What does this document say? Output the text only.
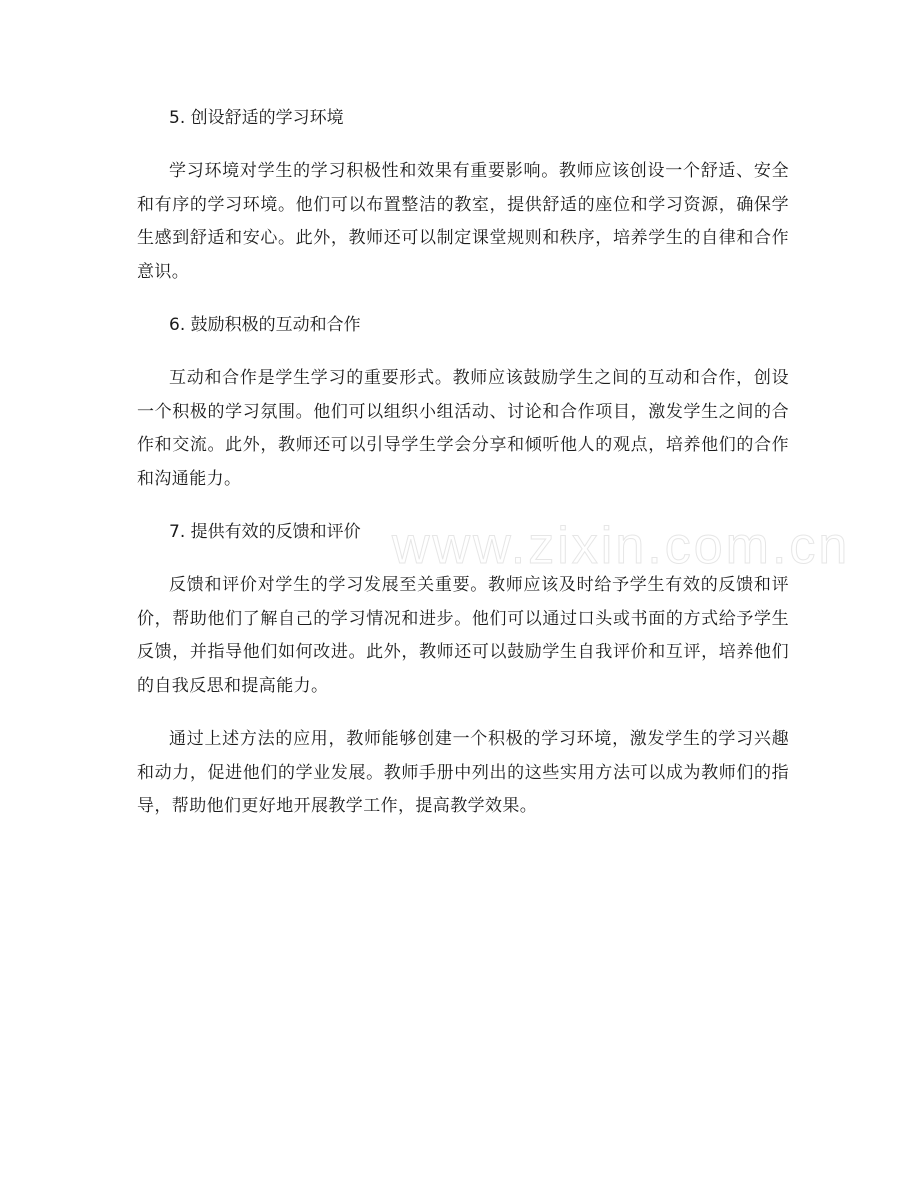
www.zixin.com.cn
5. 创设舒适的学习环境

学习环境对学生的学习积极性和效果有重要影响。教师应该创设一个舒适、安全和有序的学习环境。他们可以布置整洁的教室，提供舒适的座位和学习资源，确保学生感到舒适和安心。此外，教师还可以制定课堂规则和秩序，培养学生的自律和合作意识。

6. 鼓励积极的互动和合作

互动和合作是学生学习的重要形式。教师应该鼓励学生之间的互动和合作，创设一个积极的学习氛围。他们可以组织小组活动、讨论和合作项目，激发学生之间的合作和交流。此外，教师还可以引导学生学会分享和倾听他人的观点，培养他们的合作和沟通能力。

7. 提供有效的反馈和评价

反馈和评价对学生的学习发展至关重要。教师应该及时给予学生有效的反馈和评价，帮助他们了解自己的学习情况和进步。他们可以通过口头或书面的方式给予学生反馈，并指导他们如何改进。此外，教师还可以鼓励学生自我评价和互评，培养他们的自我反思和提高能力。

通过上述方法的应用，教师能够创建一个积极的学习环境，激发学生的学习兴趣和动力，促进他们的学业发展。教师手册中列出的这些实用方法可以成为教师们的指导，帮助他们更好地开展教学工作，提高教学效果。
